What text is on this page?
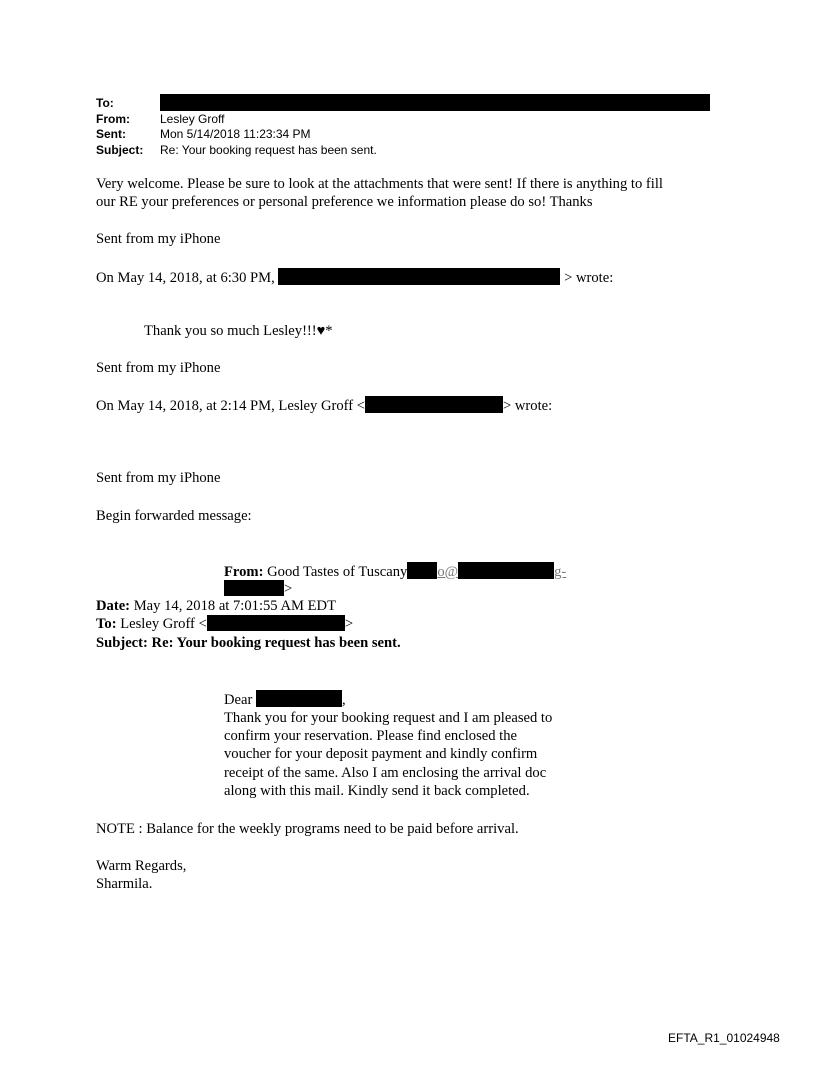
To:
From:	Lesley Groff
Sent:	Mon 5/14/2018 11:23:34 PM
Subject: Re: Your booking request has been sent.
Very welcome. Please be sure to look at the attachments that were sent! If there is anything to fill
our RE your preferences or personal preference we information please do so! Thanks
Sent from my iPhone
On May 14, 2018, at 6:30 PM,	> wrote:
Thank you so much Lesley!!!♥*
Sent from my iPhone
On May 14, 2018, at 2:14 PM, Lesley Groff <	> wrote:
Sent from my iPhone
Begin forwarded message:
From: Good Tastes of Tuscany o@	g-
>
Date: May 14, 2018 at 7:01:55 AM EDT
To: Lesley Groff <	>
Subject: Re: Your booking request has been sent.
Dear	,
Thank you for your booking request and I am pleased to
confirm your reservation. Please find enclosed the
voucher for your deposit payment and kindly confirm
receipt of the same. Also I am enclosing the arrival doc
along with this mail. Kindly send it back completed.
NOTE : Balance for the weekly programs need to be paid before arrival.
Warm Regards,
Sharmila.
EFTA_R1_01024948
